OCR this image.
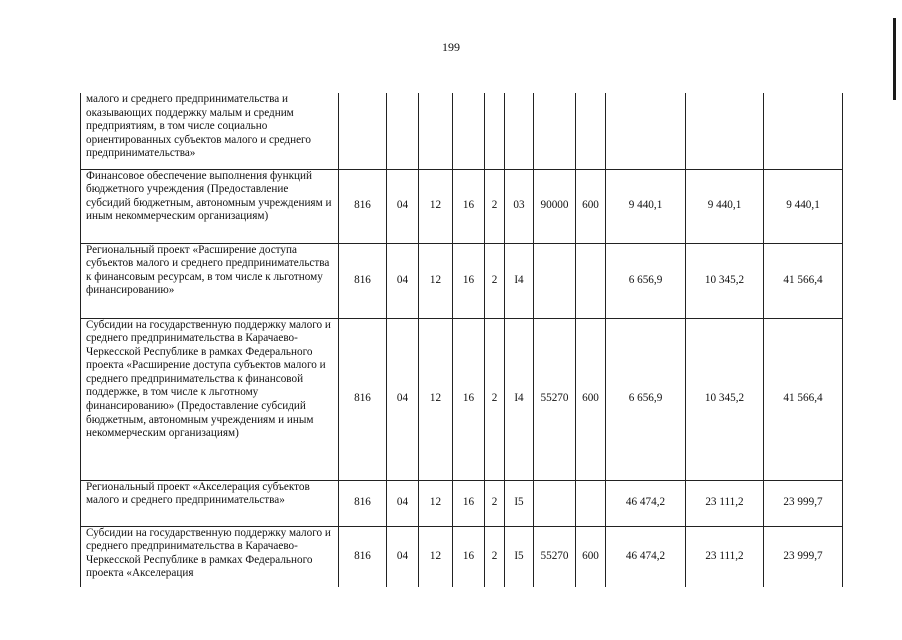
199
малого и среднего предпринимательства и оказывающих поддержку малым и средним предприятиям, в том числе социально ориентированных субъектов малого и среднего предпринимательства»											
Финансовое обеспечение выполнения функций бюджетного учреждения (Предоставление субсидий бюджетным, автономным учреждениям и иным некоммерческим организациям)	816	04	12	16	2	03	90000	600	9 440,1	9 440,1	9 440,1
Региональный проект «Расширение доступа субъектов малого и среднего предпринимательства к финансовым ресурсам, в том числе к льготному финансированию»	816	04	12	16	2	I4			6 656,9	10 345,2	41 566,4
Субсидии на государственную поддержку малого и среднего предпринимательства в Карачаево-Черкесской Республике в рамках Федерального проекта «Расширение доступа субъектов малого и среднего предпринимательства к финансовой поддержке, в том числе к льготному финансированию» (Предоставление субсидий бюджетным, автономным учреждениям и иным некоммерческим организациям)	816	04	12	16	2	I4	55270	600	6 656,9	10 345,2	41 566,4
Региональный проект «Акселерация субъектов малого и среднего предпринимательства»	816	04	12	16	2	I5			46 474,2	23 111,2	23 999,7
Субсидии на государственную поддержку малого и среднего предпринимательства в Карачаево-Черкесской Республике в рамках Федерального проекта «Акселерация	816	04	12	16	2	I5	55270	600	46 474,2	23 111,2	23 999,7
